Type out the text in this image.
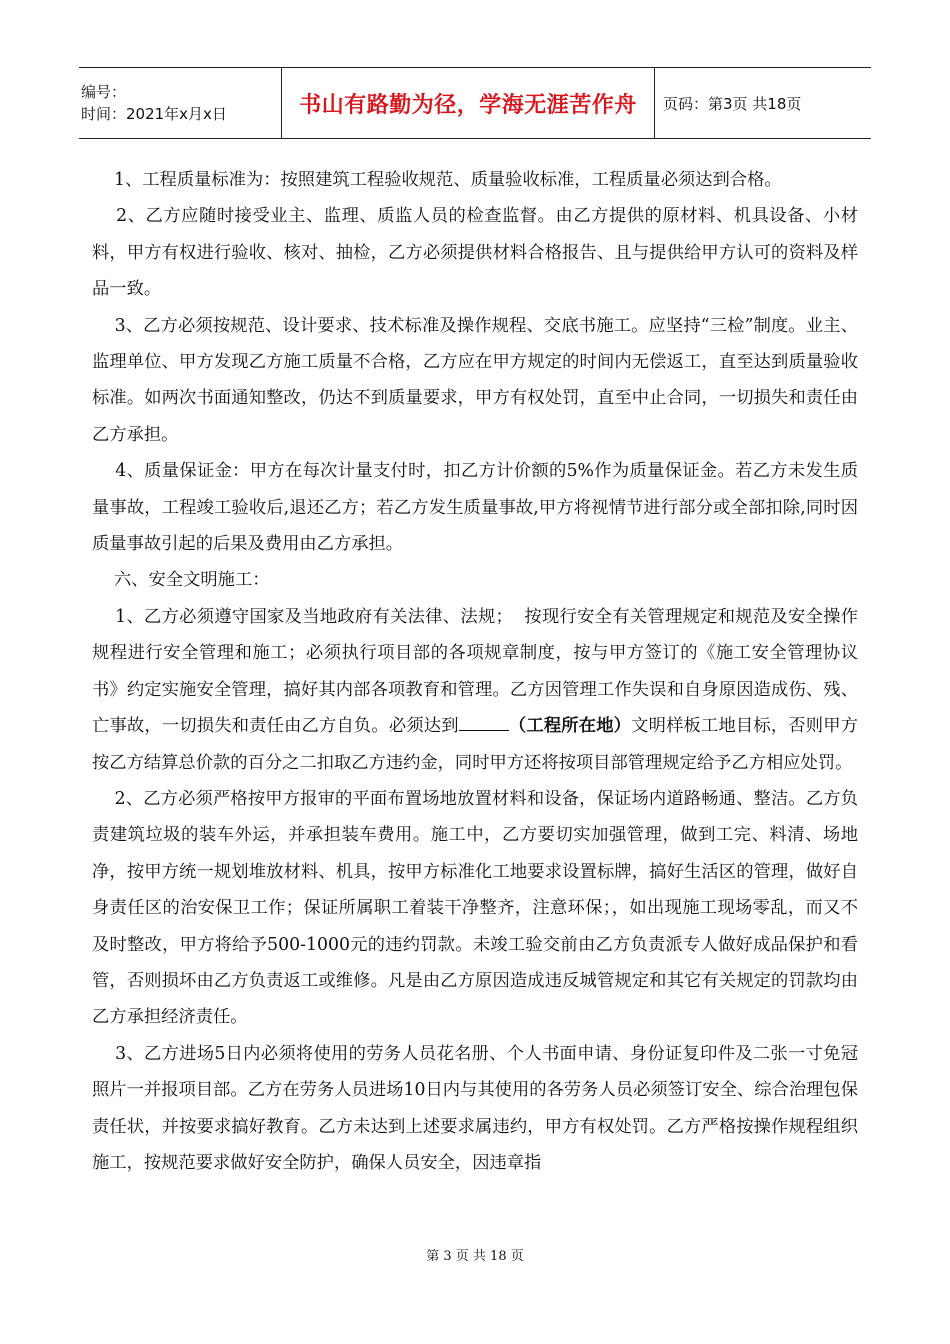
编号：
时间：2021年x月x日	书山有路勤为径，学海无涯苦作舟 页码：第3页 共18页

1、工程质量标准为：按照建筑工程验收规范、质量验收标准，工程质量必须达到合格。

2、乙方应随时接受业主、监理、质监人员的检查监督。由乙方提供的原材料、机具设备、小材料，甲方有权进行验收、核对、抽检，乙方必须提供材料合格报告、且与提供给甲方认可的资料及样品一致。

3、乙方必须按规范、设计要求、技术标准及操作规程、交底书施工。应坚持“三检”制度。业主、监理单位、甲方发现乙方施工质量不合格，乙方应在甲方规定的时间内无偿返工，直至达到质量验收标准。如两次书面通知整改，仍达不到质量要求，甲方有权处罚，直至中止合同，一切损失和责任由乙方承担。

4、质量保证金：甲方在每次计量支付时，扣乙方计价额的5%作为质量保证金。若乙方未发生质量事故，工程竣工验收后,退还乙方；若乙方发生质量事故,甲方将视情节进行部分或全部扣除,同时因质量事故引起的后果及费用由乙方承担。

六、安全文明施工：

1、乙方必须遵守国家及当地政府有关法律、法规；  按现行安全有关管理规定和规范及安全操作规程进行安全管理和施工；必须执行项目部的各项规章制度，按与甲方签订的《施工安全管理协议书》约定实施安全管理，搞好其内部各项教育和管理。乙方因管理工作失误和自身原因造成伤、残、亡事故，一切损失和责任由乙方自负。必须达到	（工程所在地）文明样板工地目标，否则甲方按乙方结算总价款的百分之二扣取乙方违约金，同时甲方还将按项目部管理规定给予乙方相应处罚。

2、乙方必须严格按甲方报审的平面布置场地放置材料和设备，保证场内道路畅通、整洁。乙方负责建筑垃圾的装车外运，并承担装车费用。施工中，乙方要切实加强管理，做到工完、料清、场地净，按甲方统一规划堆放材料、机具，按甲方标准化工地要求设置标牌，搞好生活区的管理，做好自身责任区的治安保卫工作；保证所属职工着装干净整齐，注意环保；，如出现施工现场零乱，而又不及时整改，甲方将给予500-1000元的违约罚款。未竣工验交前由乙方负责派专人做好成品保护和看管，否则损坏由乙方负责返工或维修。凡是由乙方原因造成违反城管规定和其它有关规定的罚款均由乙方承担经济责任。

3、乙方进场5日内必须将使用的劳务人员花名册、个人书面申请、身份证复印件及二张一寸免冠照片一并报项目部。乙方在劳务人员进场10日内与其使用的各劳务人员必须签订安全、综合治理包保责任状，并按要求搞好教育。乙方未达到上述要求属违约，甲方有权处罚。乙方严格按操作规程组织施工，按规范要求做好安全防护，确保人员安全，因违章指

第 3 页 共 18 页
